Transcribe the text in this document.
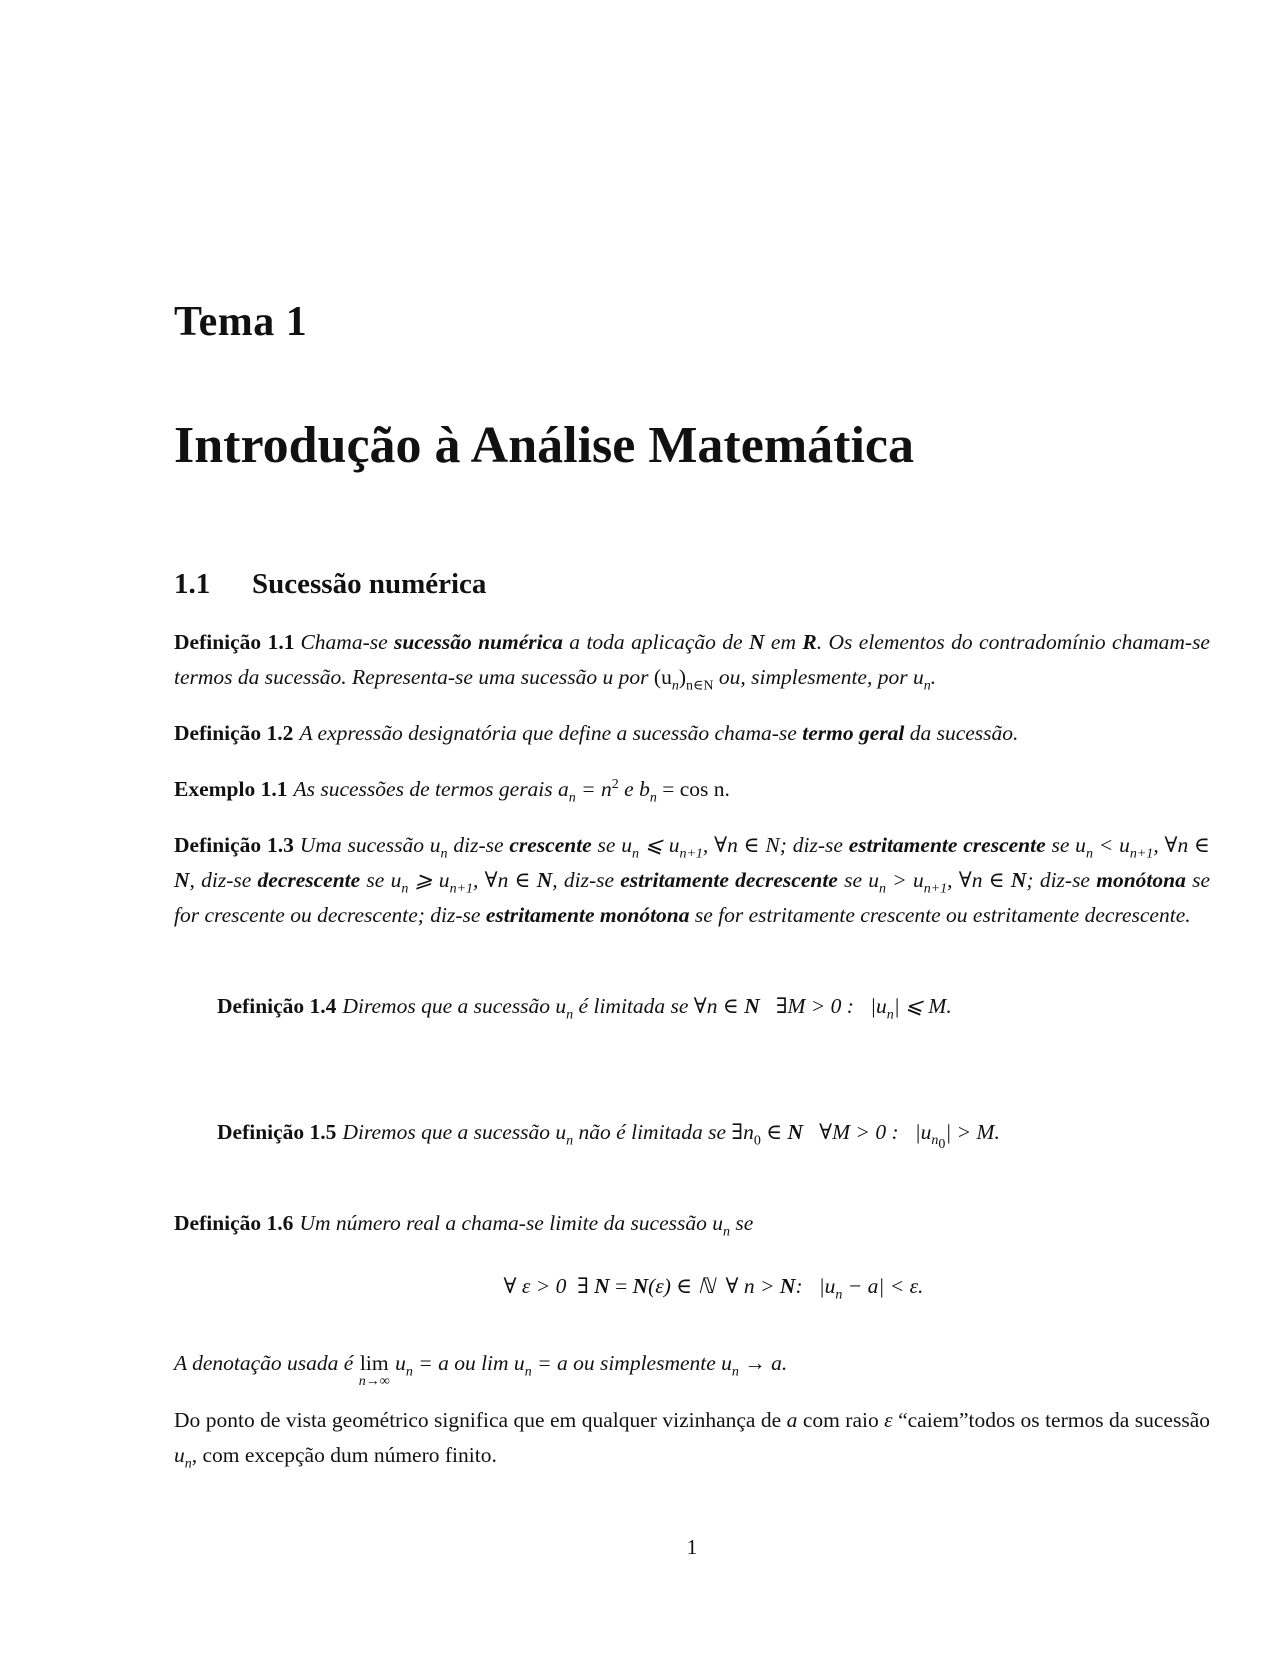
Tema 1
Introdução à Análise Matemática
1.1 Sucessão numérica
Definição 1.1 Chama-se sucessão numérica a toda aplicação de N em R. Os elementos do contradomínio chamam-se termos da sucessão. Representa-se uma sucessão u por $(u_n)_{n\in N}$ ou, simplesmente, por $u_n$.
Definição 1.2 A expressão designatória que define a sucessão chama-se termo geral da sucessão.
Exemplo 1.1 As sucessões de termos gerais $a_n = n^2$ e $b_n = \cos n$.
Definição 1.3 Uma sucessão $u_n$ diz-se crescente se $u_n$ ⩽ $u_{n+1}$, ∀n ∈ N; diz-se estritamente crescente se $u_n < u_{n+1}$, ∀n ∈ N, diz-se decrescente se $u_n$ ⩾ $u_{n+1}$, ∀n ∈ N, diz-se estritamente decrescente se $u_n > u_{n+1}$, ∀n ∈ N; diz-se monótona se for crescente ou decrescente; diz-se estritamente monótona se for estritamente crescente ou estritamente decrescente.

Definição 1.4 Diremos que a sucessão $u_n$ é limitada se ∀n ∈ N   ∃M > 0 :   $|u_n|$ ⩽ M.

Definição 1.5 Diremos que a sucessão $u_n$ não é limitada se $\exists n_0$ ∈ N   ∀M > 0 :   $|u_{n_0}| > M$.

Definição 1.6 Um número real a chama-se limite da sucessão $u_n$ se

∀ ε > 0  ∃ N = N(ε) ∈ ℕ  ∀ n > N:   $|u_n - a| < \varepsilon$.

A denotação usada é lim
n→∞
$u_n = a$ ou $\lim u_n = a$ ou simplesmente $u_n \to a$.
Do ponto de vista geométrico significa que em qualquer vizinhança de a com raio ε “caiem”todos os termos da sucessão $u_n$, com excepção dum número finito.
1
